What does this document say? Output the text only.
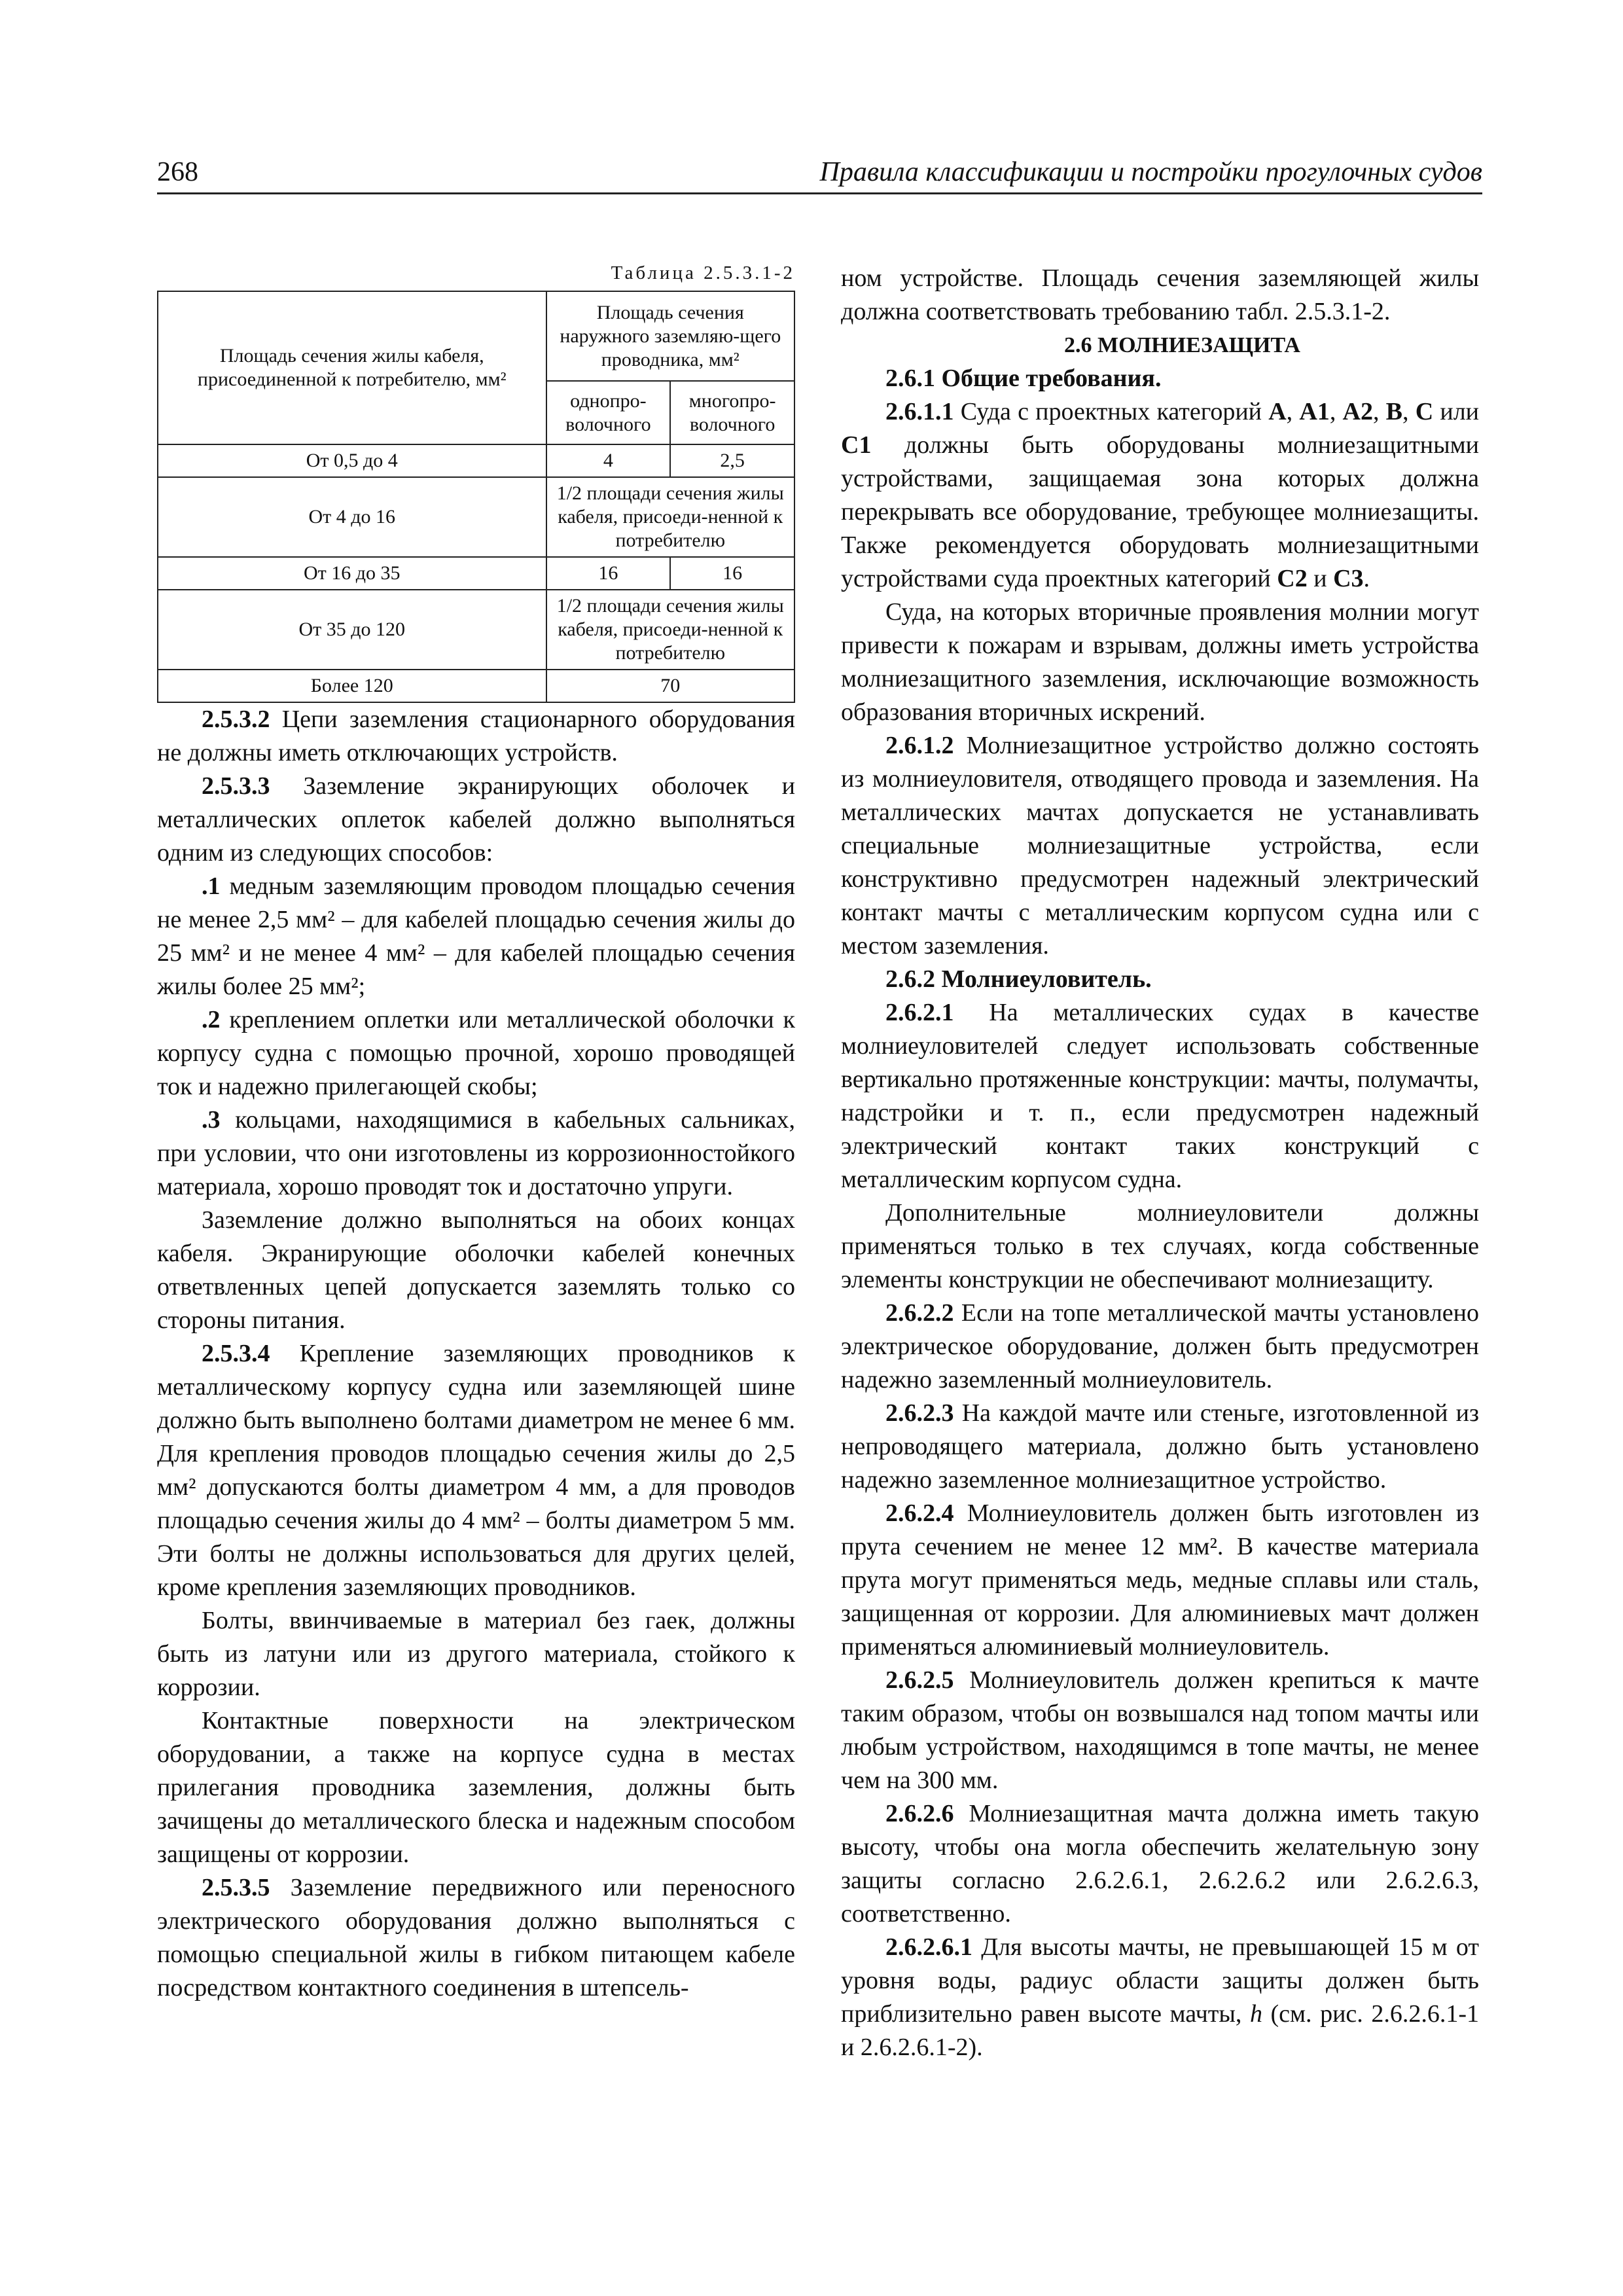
268	Правила классификации и постройки прогулочных судов
Таблица 2.5.3.1-2
Площадь сечения жилы кабеля, присоединенной к потребителю, мм²	Площадь сечения наружного заземляю-щего проводника, мм²	
	однопро-волочного	многопро-волочного
От 0,5 до 4	4	2,5
От 4 до 16	1/2 площади сечения жилы кабеля, присоеди-ненной к потребителю	
От 16 до 35	16	16
От 35 до 120	1/2 площади сечения жилы кабеля, присоеди-ненной к потребителю	
Более 120	70	

2.5.3.2 Цепи заземления стационарного оборудования не должны иметь отключающих устройств.

2.5.3.3 Заземление экранирующих оболочек и металлических оплеток кабелей должно выполняться одним из следующих способов:

.1 медным заземляющим проводом площадью сечения не менее 2,5 мм² – для кабелей площадью сечения жилы до 25 мм² и не менее 4 мм² – для кабелей площадью сечения жилы более 25 мм²;

.2 креплением оплетки или металлической оболочки к корпусу судна с помощью прочной, хорошо проводящей ток и надежно прилегающей скобы;

.3 кольцами, находящимися в кабельных сальниках, при условии, что они изготовлены из коррозионностойкого материала, хорошо проводят ток и достаточно упруги.

Заземление должно выполняться на обоих концах кабеля. Экранирующие оболочки кабелей конечных ответвленных цепей допускается заземлять только со стороны питания.

2.5.3.4 Крепление заземляющих проводников к металлическому корпусу судна или заземляющей шине должно быть выполнено болтами диаметром не менее 6 мм. Для крепления проводов площадью сечения жилы до 2,5 мм² допускаются болты диаметром 4 мм, а для проводов площадью сечения жилы до 4 мм² – болты диаметром 5 мм. Эти болты не должны использоваться для других целей, кроме крепления заземляющих проводников.

Болты, ввинчиваемые в материал без гаек, должны быть из латуни или из другого материала, стойкого к коррозии.

Контактные поверхности на электрическом оборудовании, а также на корпусе судна в местах прилегания проводника заземления, должны быть зачищены до металлического блеска и надежным способом защищены от коррозии.

2.5.3.5 Заземление передвижного или переносного электрического оборудования должно выполняться с помощью специальной жилы в гибком питающем кабеле посредством контактного соединения в штепсель-

ном устройстве. Площадь сечения заземляющей жилы должна соответствовать требованию табл. 2.5.3.1-2.

2.6 МОЛНИЕЗАЩИТА

2.6.1 Общие требования.

2.6.1.1 Суда с проектных категорий A, A1, A2, B, C или C1 должны быть оборудованы молниезащитными устройствами, защищаемая зона которых должна перекрывать все оборудование, требующее молниезащиты. Также рекомендуется оборудовать молниезащитными устройствами суда проектных категорий C2 и C3.

Суда, на которых вторичные проявления молнии могут привести к пожарам и взрывам, должны иметь устройства молниезащитного заземления, исключающие возможность образования вторичных искрений.

2.6.1.2 Молниезащитное устройство должно состоять из молниеуловителя, отводящего провода и заземления. На металлических мачтах допускается не устанавливать специальные молниезащитные устройства, если конструктивно предусмотрен надежный электрический контакт мачты с металлическим корпусом судна или с местом заземления.

2.6.2 Молниеуловитель.

2.6.2.1 На металлических судах в качестве молниеуловителей следует использовать собственные вертикально протяженные конструкции: мачты, полумачты, надстройки и т. п., если предусмотрен надежный электрический контакт таких конструкций с металлическим корпусом судна.

Дополнительные молниеуловители должны применяться только в тех случаях, когда собственные элементы конструкции не обеспечивают молниезащиту.

2.6.2.2 Если на топе металлической мачты установлено электрическое оборудование, должен быть предусмотрен надежно заземленный молниеуловитель.

2.6.2.3 На каждой мачте или стеньге, изготовленной из непроводящего материала, должно быть установлено надежно заземленное молниезащитное устройство.

2.6.2.4 Молниеуловитель должен быть изготовлен из прута сечением не менее 12 мм². В качестве материала прута могут применяться медь, медные сплавы или сталь, защищенная от коррозии. Для алюминиевых мачт должен применяться алюминиевый молниеуловитель.

2.6.2.5 Молниеуловитель должен крепиться к мачте таким образом, чтобы он возвышался над топом мачты или любым устройством, находящимся в топе мачты, не менее чем на 300 мм.

2.6.2.6 Молниезащитная мачта должна иметь такую высоту, чтобы она могла обеспечить желательную зону защиты согласно 2.6.2.6.1, 2.6.2.6.2 или 2.6.2.6.3, соответственно.

2.6.2.6.1 Для высоты мачты, не превышающей 15 м от уровня воды, радиус области защиты должен быть приблизительно равен высоте мачты, h (см. рис. 2.6.2.6.1-1 и 2.6.2.6.1-2).
